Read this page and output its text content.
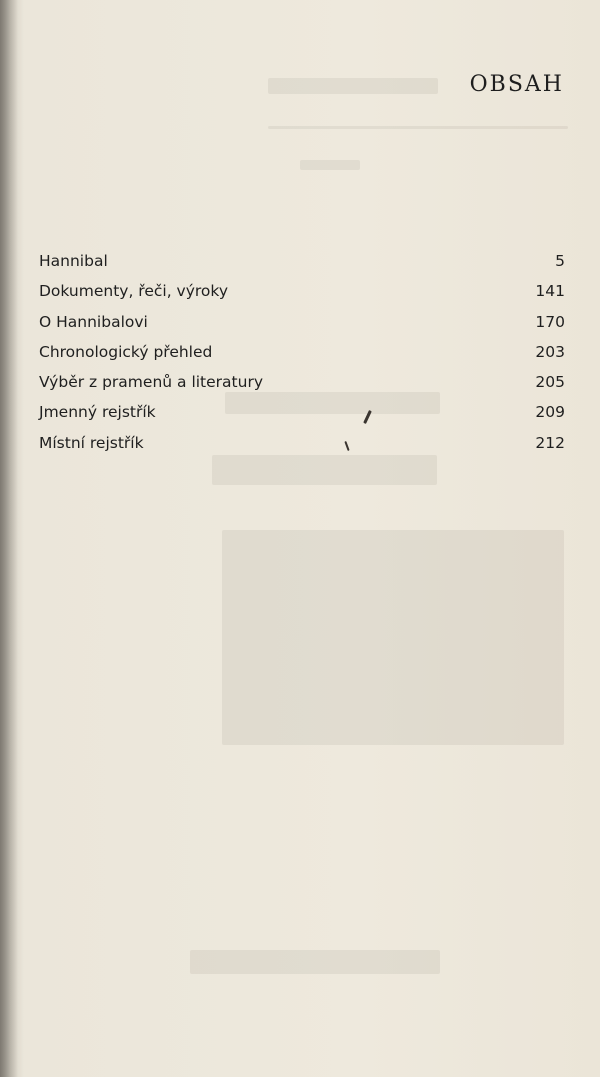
OBSAH
Hannibal	5
Dokumenty, řeči, výroky	141
O Hannibalovi	170
Chronologický přehled	203
Výběr z pramenů a literatury	205
Jmenný rejstřík	209
Místní rejstřík	212
